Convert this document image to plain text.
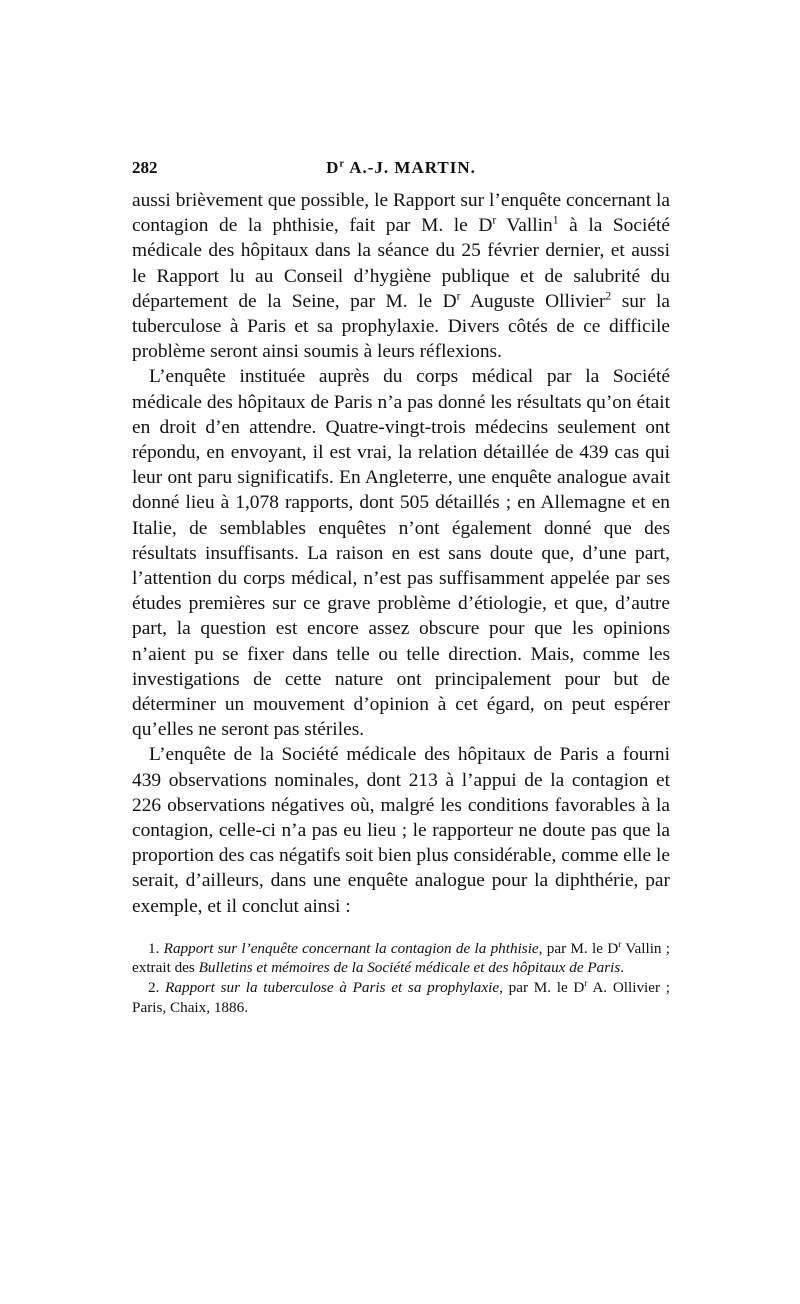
282	$D^r$ A.-J. MARTIN.

aussi brièvement que possible, le Rapport sur l’enquête concernant la contagion de la phthisie, fait par M. le $D^r$ Vallin$^1$ à la Société médicale des hôpitaux dans la séance du 25 février dernier, et aussi le Rapport lu au Conseil d’hygiène publique et de salubrité du département de la Seine, par M. le $D^r$ Auguste Ollivier$^2$ sur la tuberculose à Paris et sa prophylaxie. Divers côtés de ce difficile problème seront ainsi soumis à leurs réflexions.

L’enquête instituée auprès du corps médical par la Société médicale des hôpitaux de Paris n’a pas donné les résultats qu’on était en droit d’en attendre. Quatre-vingt-trois médecins seulement ont répondu, en envoyant, il est vrai, la relation détaillée de 439 cas qui leur ont paru significatifs. En Angleterre, une enquête analogue avait donné lieu à 1,078 rapports, dont 505 détaillés ; en Allemagne et en Italie, de semblables enquêtes n’ont également donné que des résultats insuffisants. La raison en est sans doute que, d’une part, l’attention du corps médical, n’est pas suffisamment appelée par ses études premières sur ce grave problème d’étiologie, et que, d’autre part, la question est encore assez obscure pour que les opinions n’aient pu se fixer dans telle ou telle direction. Mais, comme les investigations de cette nature ont principalement pour but de déterminer un mouvement d’opinion à cet égard, on peut espérer qu’elles ne seront pas stériles.

L’enquête de la Société médicale des hôpitaux de Paris a fourni 439 observations nominales, dont 213 à l’appui de la contagion et 226 observations négatives où, malgré les conditions favorables à la contagion, celle-ci n’a pas eu lieu ; le rapporteur ne doute pas que la proportion des cas négatifs soit bien plus considérable, comme elle le serait, d’ailleurs, dans une enquête analogue pour la diphthérie, par exemple, et il conclut ainsi :

1. Rapport sur l’enquête concernant la contagion de la phthisie, par M. le $D^r$ Vallin ; extrait des Bulletins et mémoires de la Société médicale et des hôpitaux de Paris.

2. Rapport sur la tuberculose à Paris et sa prophylaxie, par M. le $D^r$ A. Ollivier ; Paris, Chaix, 1886.
